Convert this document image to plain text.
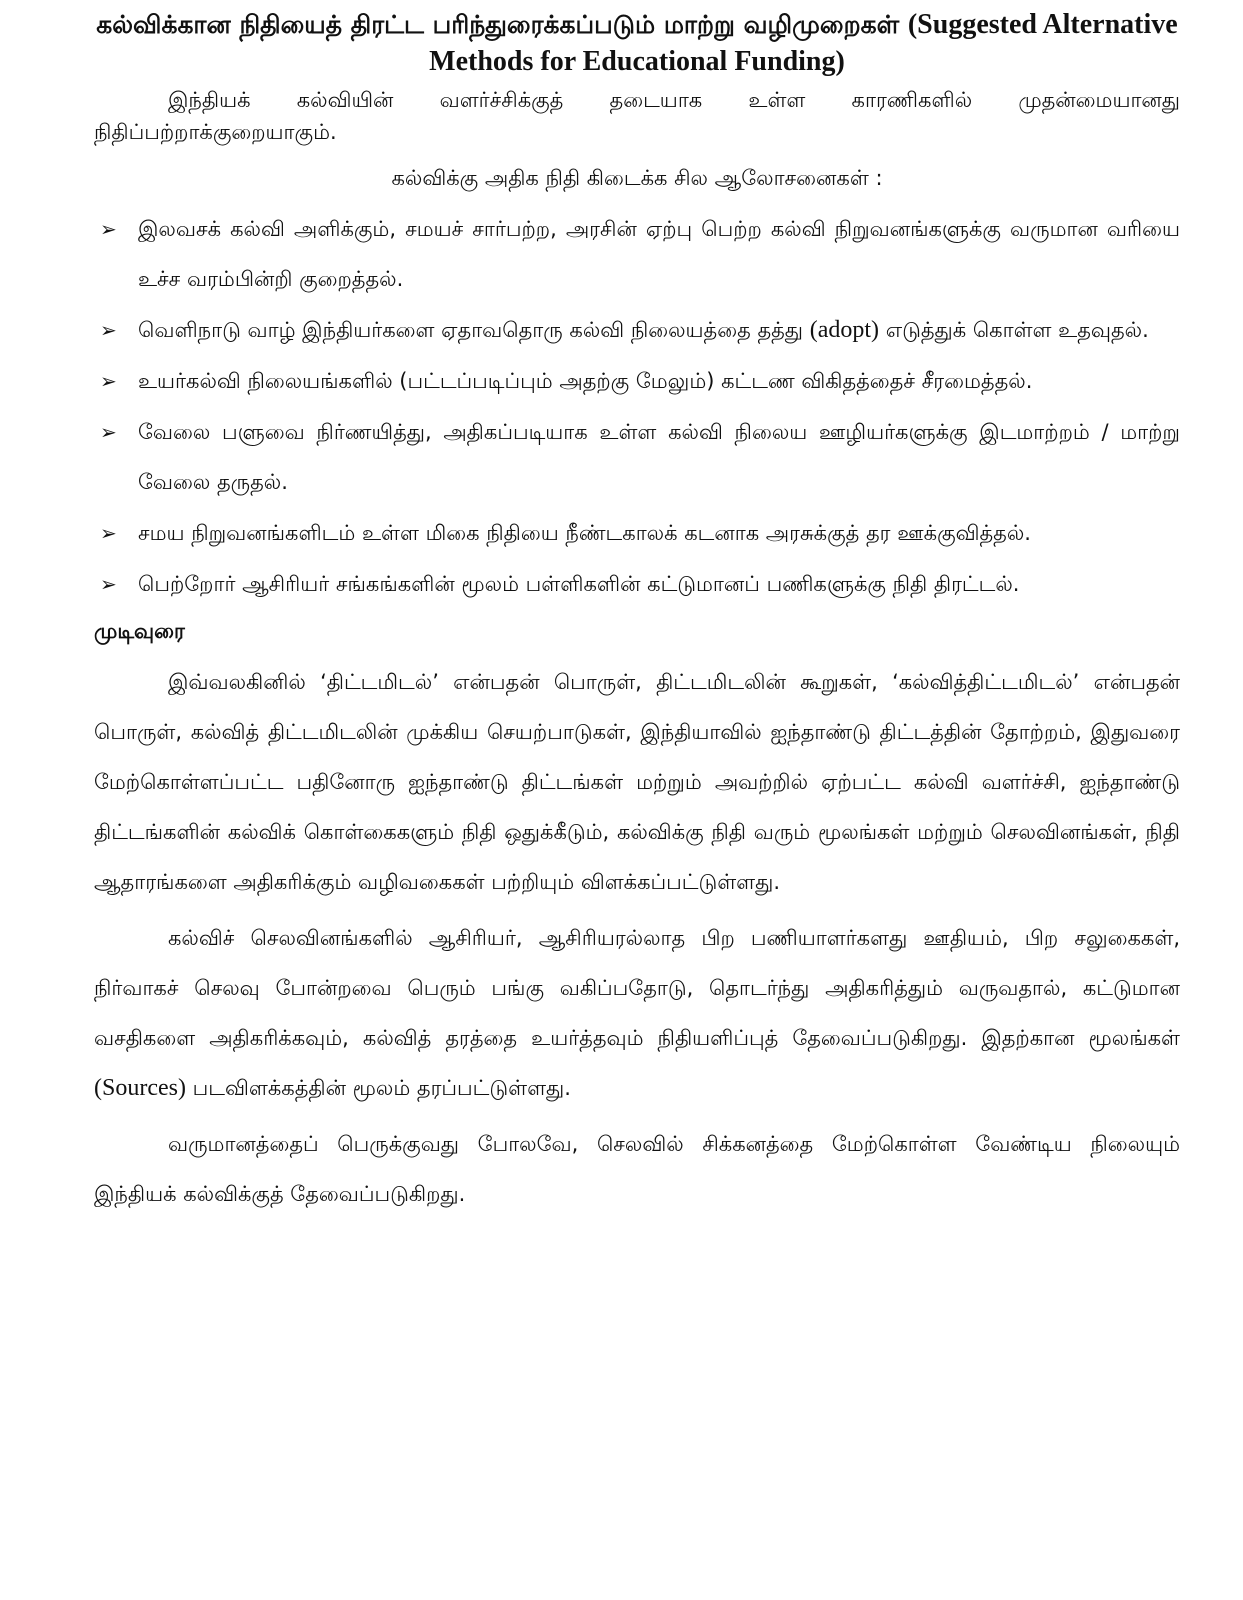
கல்விக்கான நிதியைத் திரட்ட பரிந்துரைக்கப்படும் மாற்று வழிமுறைகள் (Suggested Alternative Methods for Educational Funding)

இந்தியக் கல்வியின் வளர்ச்சிக்குத் தடையாக உள்ள காரணிகளில் முதன்மையானது நிதிப்பற்றாக்குறையாகும்.

கல்விக்கு அதிக நிதி கிடைக்க சில ஆலோசனைகள் :

➢ இலவசக் கல்வி அளிக்கும், சமயச் சார்பற்ற, அரசின் ஏற்பு பெற்ற கல்வி நிறுவனங்களுக்கு வருமான வரியை உச்ச வரம்பின்றி குறைத்தல்.
➢ வெளிநாடு வாழ் இந்தியர்களை ஏதாவதொரு கல்வி நிலையத்தை தத்து (adopt) எடுத்துக் கொள்ள உதவுதல்.
➢ உயர்கல்வி நிலையங்களில் (பட்டப்படிப்பும் அதற்கு மேலும்) கட்டண விகிதத்தைச் சீரமைத்தல்.
➢ வேலை பளுவை நிர்ணயித்து, அதிகப்படியாக உள்ள கல்வி நிலைய ஊழியர்களுக்கு இடமாற்றம் / மாற்று வேலை தருதல்.
➢ சமய நிறுவனங்களிடம் உள்ள மிகை நிதியை நீண்டகாலக் கடனாக அரசுக்குத் தர ஊக்குவித்தல்.
➢ பெற்றோர் ஆசிரியர் சங்கங்களின் மூலம் பள்ளிகளின் கட்டுமானப் பணிகளுக்கு நிதி திரட்டல்.
முடிவுரை

இவ்வலகினில் ‘திட்டமிடல்’ என்பதன் பொருள், திட்டமிடலின் கூறுகள், ‘கல்வித்திட்டமிடல்’ என்பதன் பொருள், கல்வித் திட்டமிடலின் முக்கிய செயற்பாடுகள், இந்தியாவில் ஐந்தாண்டு திட்டத்தின் தோற்றம், இதுவரை மேற்கொள்ளப்பட்ட பதினோரு ஐந்தாண்டு திட்டங்கள் மற்றும் அவற்றில் ஏற்பட்ட கல்வி வளர்ச்சி, ஐந்தாண்டு திட்டங்களின் கல்விக் கொள்கைகளும் நிதி ஒதுக்கீடும், கல்விக்கு நிதி வரும் மூலங்கள் மற்றும் செலவினங்கள், நிதி ஆதாரங்களை அதிகரிக்கும் வழிவகைகள் பற்றியும் விளக்கப்பட்டுள்ளது.

கல்விச் செலவினங்களில் ஆசிரியர், ஆசிரியரல்லாத பிற பணியாளர்களது ஊதியம், பிற சலுகைகள், நிர்வாகச் செலவு போன்றவை பெரும் பங்கு வகிப்பதோடு, தொடர்ந்து அதிகரித்தும் வருவதால், கட்டுமான வசதிகளை அதிகரிக்கவும், கல்வித் தரத்தை உயர்த்தவும் நிதியளிப்புத் தேவைப்படுகிறது. இதற்கான மூலங்கள் (Sources) படவிளக்கத்தின் மூலம் தரப்பட்டுள்ளது.

வருமானத்தைப் பெருக்குவது போலவே, செலவில் சிக்கனத்தை மேற்கொள்ள வேண்டிய நிலையும் இந்தியக் கல்விக்குத் தேவைப்படுகிறது.
